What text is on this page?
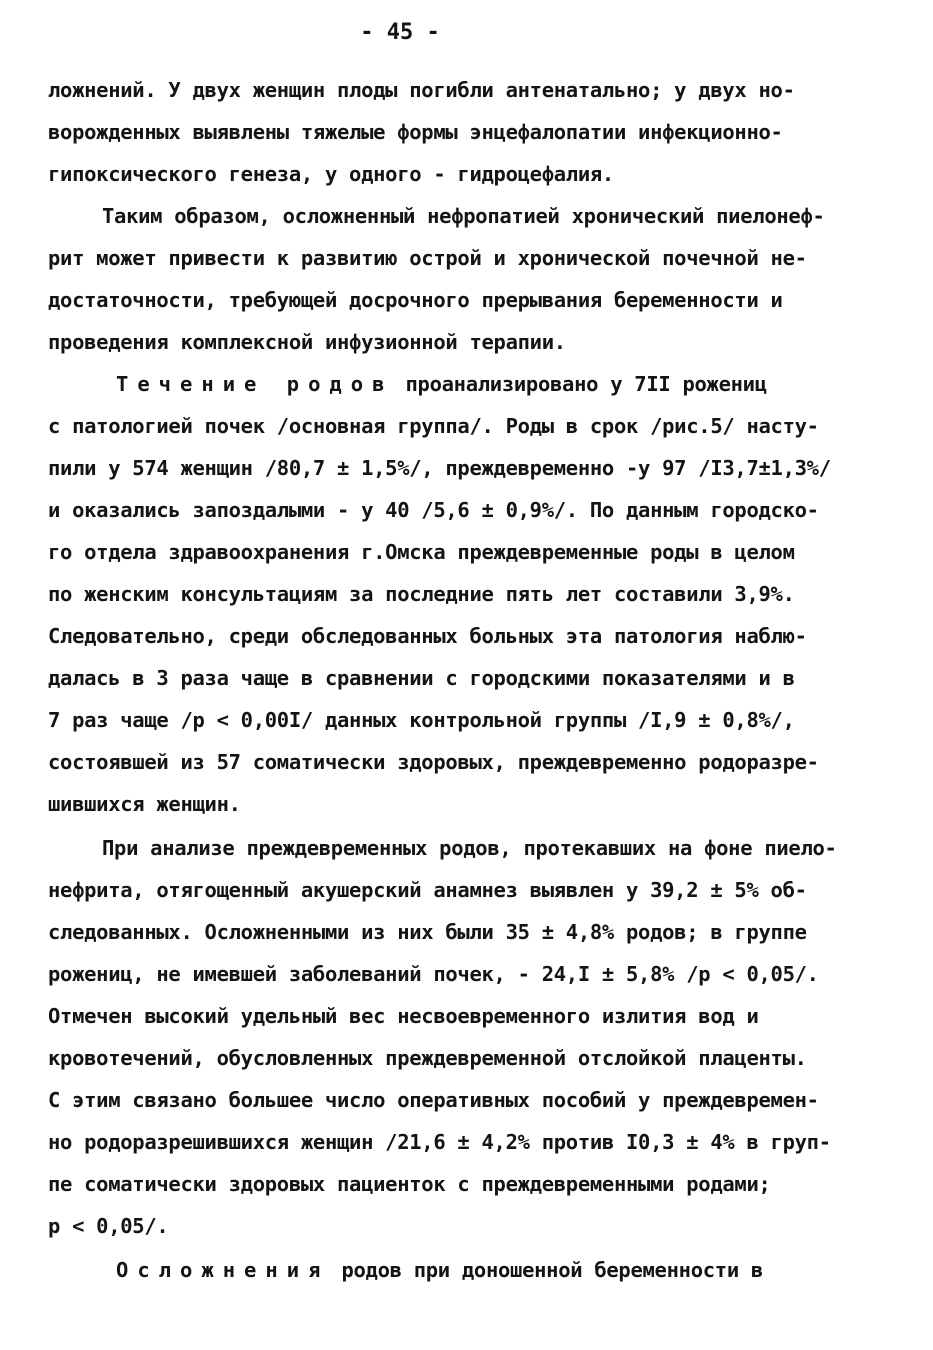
- 45 -
ложнений. У двух женщин плоды погибли антенатально; у двух но-
ворожденных выявлены тяжелые формы энцефалопатии инфекционно-
гипоксического генеза, у одного - гидроцефалия.
Таким образом, осложненный нефропатией хронический пиелонеф-
рит может привести к развитию острой и хронической почечной не-
достаточности, требующей досрочного прерывания беременности и
проведения комплексной инфузионной терапии.
Течение родов проанализировано у 7II рожениц
с патологией почек /основная группа/. Роды в срок /рис.5/ насту-
пили у 574 женщин /80,7 ± 1,5%/, преждевременно -у 97 /I3,7±1,3%/
и оказались запоздалыми - у 40 /5,6 ± 0,9%/. По данным городско-
го отдела здравоохранения г.Омска преждевременные роды в целом
по женским консультациям за последние пять лет составили 3,9%.
Следовательно, среди обследованных больных эта патология наблю-
далась в 3 раза чаще в сравнении с городскими показателями и в
7 раз чаще /р < 0,00I/ данных контрольной группы /I,9 ± 0,8%/,
состоявшей из 57 соматически здоровых, преждевременно родоразре-
шившихся женщин.
При анализе преждевременных родов, протекавших на фоне пиело-
нефрита, отягощенный акушерский анамнез выявлен у 39,2 ± 5% об-
следованных. Осложненными из них были 35 ± 4,8% родов; в группе
рожениц, не имевшей заболеваний почек, - 24,I ± 5,8% /р < 0,05/.
Отмечен высокий удельный вес несвоевременного излития вод и
кровотечений, обусловленных преждевременной отслойкой плаценты.
С этим связано большее число оперативных пособий у преждевремен-
но родоразрешившихся женщин /21,6 ± 4,2% против I0,3 ± 4% в груп-
пе соматически здоровых пациенток с преждевременными родами;
р < 0,05/.
Осложнения родов при доношенной беременности в
